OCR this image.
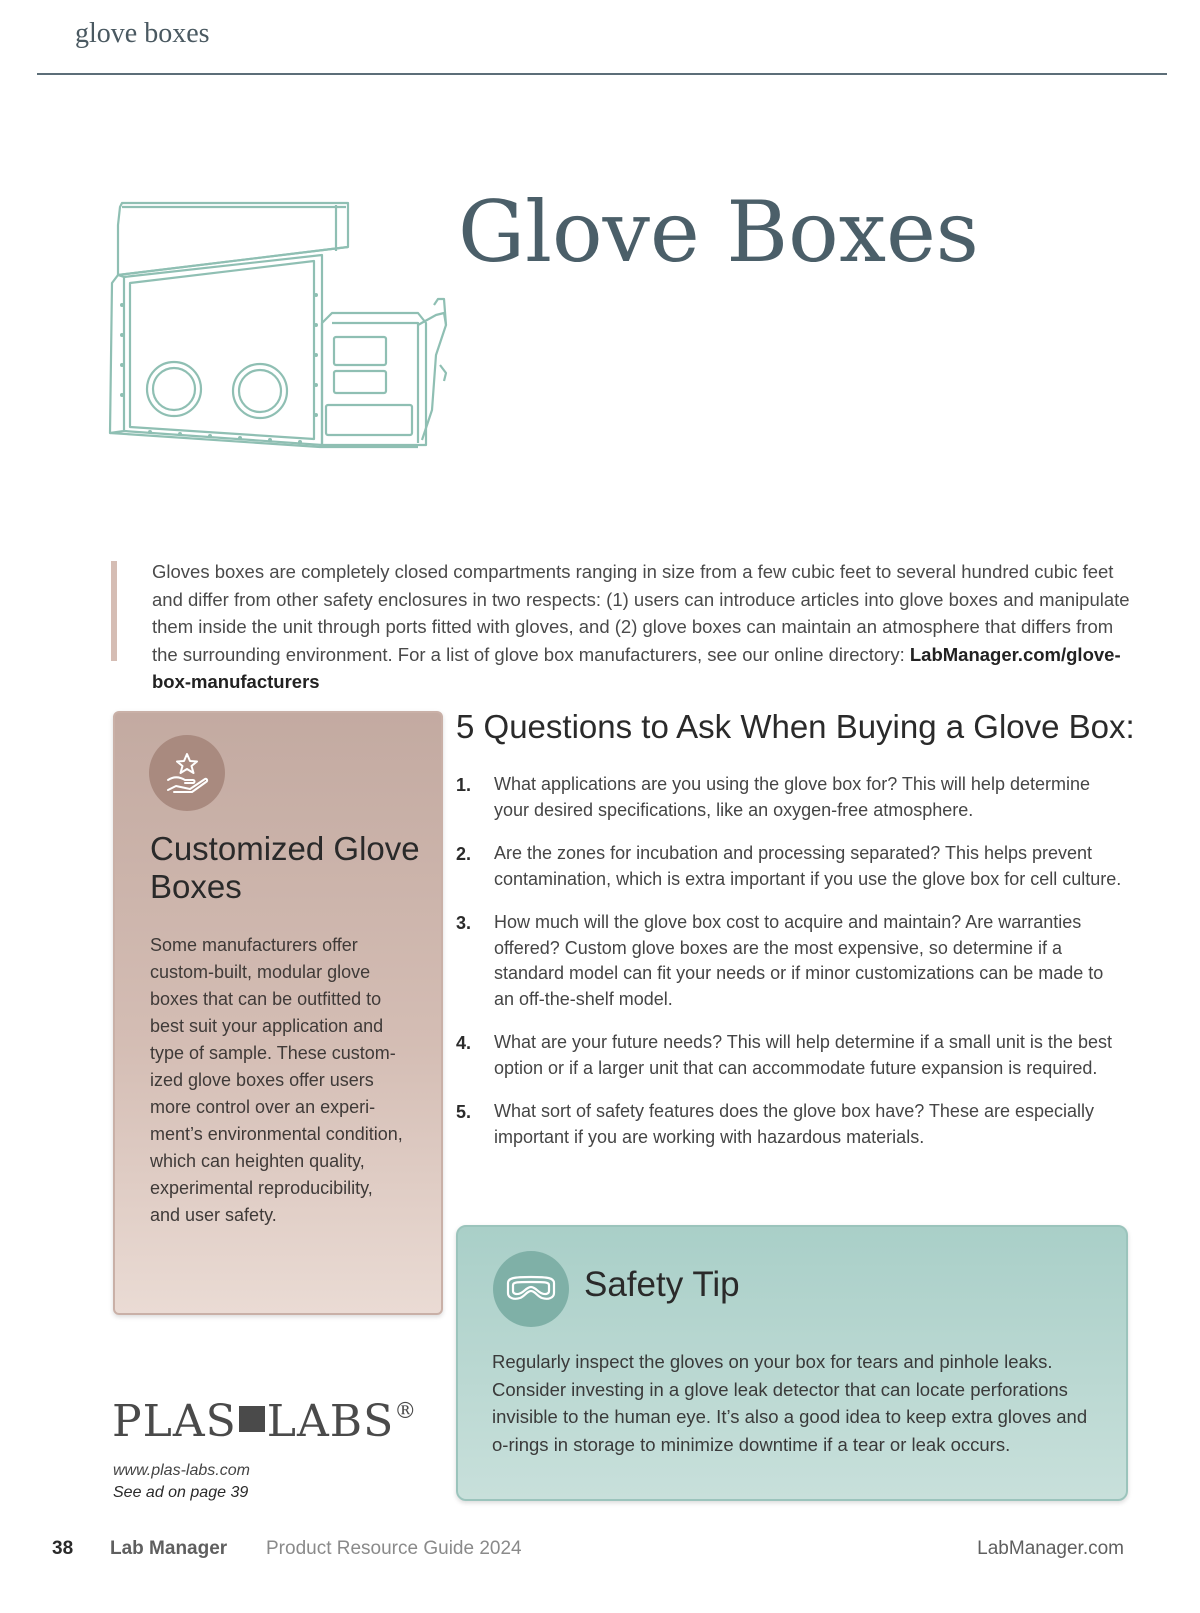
glove boxes
Glove Boxes
Gloves boxes are completely closed compartments ranging in size from a few cubic feet to several hundred cubic feet and differ from other safety enclosures in two respects: (1) users can introduce articles into glove boxes and manipulate them inside the unit through ports fitted with gloves, and (2) glove boxes can maintain an atmosphere that differs from the surrounding environment. For a list of glove box manufacturers, see our online directory: LabManager.com/glove-box-manufacturers
Customized Glove Boxes
Some manufacturers offer custom-built, modular glove boxes that can be outfitted to best suit your application and type of sample. These customized glove boxes offer users more control over an experiment’s environmental condition, which can heighten quality, experimental reproducibility, and user safety.
5 Questions to Ask When Buying a Glove Box:
1.	What applications are you using the glove box for? This will help determine your desired specifications, like an oxygen-free atmosphere.
2.	Are the zones for incubation and processing separated? This helps prevent contamination, which is extra important if you use the glove box for cell culture.
3.	How much will the glove box cost to acquire and maintain? Are warranties offered? Custom glove boxes are the most expensive, so determine if a standard model can fit your needs or if minor customizations can be made to an off-the-shelf model.
4.	What are your future needs? This will help determine if a small unit is the best option or if a larger unit that can accommodate future expansion is required.
5.	What sort of safety features does the glove box have? These are especially important if you are working with hazardous materials.
Safety Tip
Regularly inspect the gloves on your box for tears and pinhole leaks. Consider investing in a glove leak detector that can locate perforations invisible to the human eye. It’s also a good idea to keep extra gloves and o-rings in storage to minimize downtime if a tear or leak occurs.
PLAS LABS®
www.plas-labs.com
See ad on page 39
38 Lab Manager Product Resource Guide 2024	LabManager.com
